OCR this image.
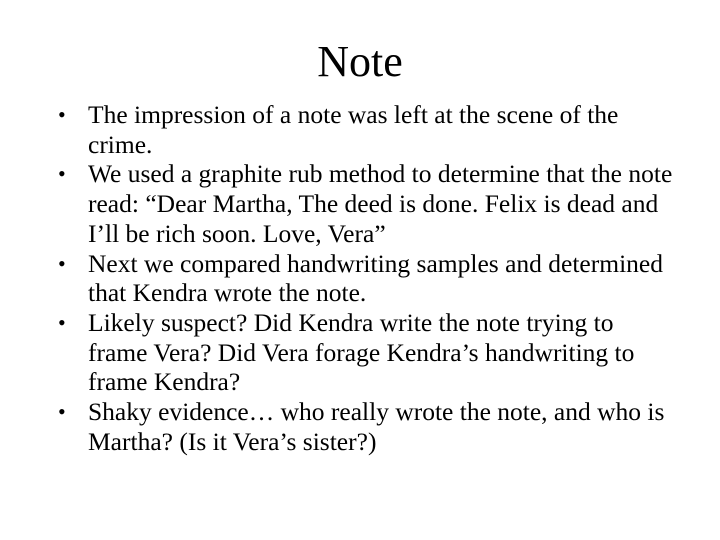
Note
• The impression of a note was left at the scene of the crime.
• We used a graphite rub method to determine that the note read: “Dear Martha, The deed is done. Felix is dead and I’ll be rich soon. Love, Vera”
• Next we compared handwriting samples and determined that Kendra wrote the note.
• Likely suspect? Did Kendra write the note trying to frame Vera? Did Vera forage Kendra’s handwriting to frame Kendra?
• Shaky evidence… who really wrote the note, and who is Martha? (Is it Vera’s sister?)
